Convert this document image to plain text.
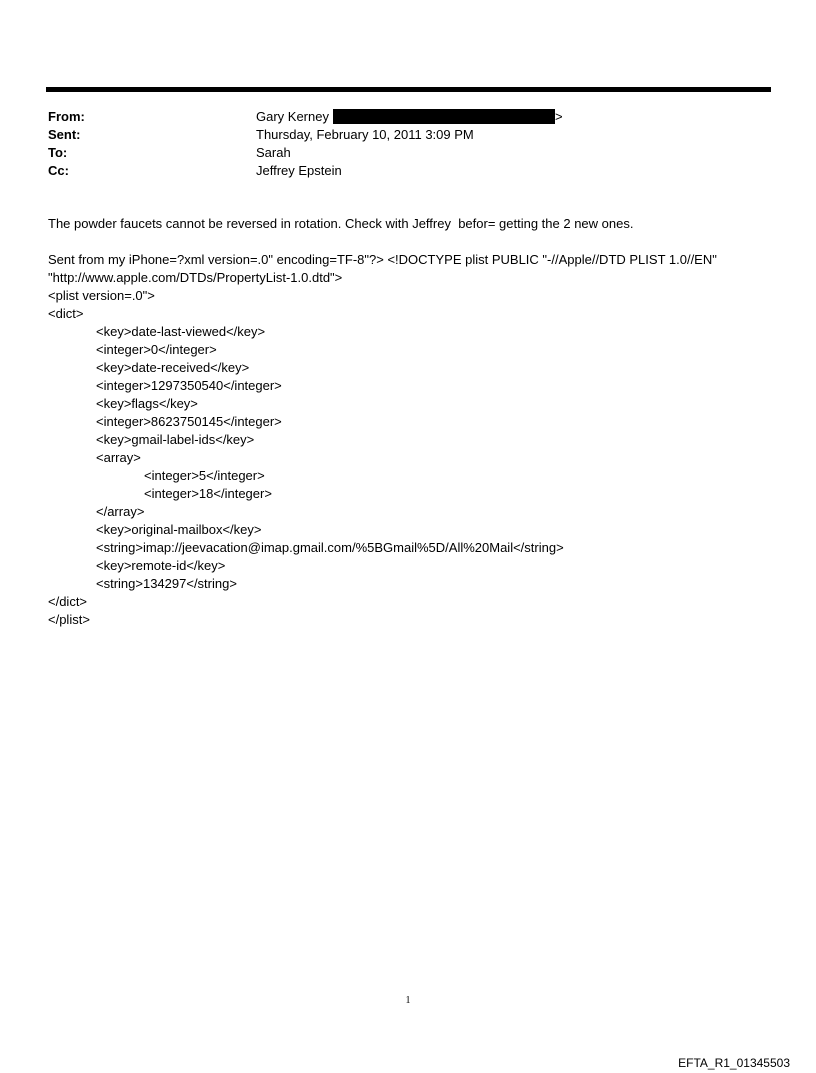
From:	Gary Kerney	>
Sent:	Thursday, February 10, 2011 3:09 PM
To:	Sarah
Cc:	Jeffrey Epstein

The powder faucets cannot be reversed in rotation. Check with Jeffrey  befor= getting the 2 new ones.

Sent from my iPhone=?xml version=.0" encoding=TF-8"?> <!DOCTYPE plist PUBLIC "-//Apple//DTD PLIST 1.0//EN"

"http://www.apple.com/DTDs/PropertyList-1.0.dtd">

<plist version=.0">

<dict>

<key>date-last-viewed</key>

<integer>0</integer>

<key>date-received</key>

<integer>1297350540</integer>

<key>flags</key>

<integer>8623750145</integer>

<key>gmail-label-ids</key>

<array>

<integer>5</integer>

<integer>18</integer>

</array>

<key>original-mailbox</key>

<string>imap://jeevacation@imap.gmail.com/%5BGmail%5D/All%20Mail</string>

<key>remote-id</key>

<string>134297</string>

</dict>

</plist>

1
EFTA_R1_01345503
